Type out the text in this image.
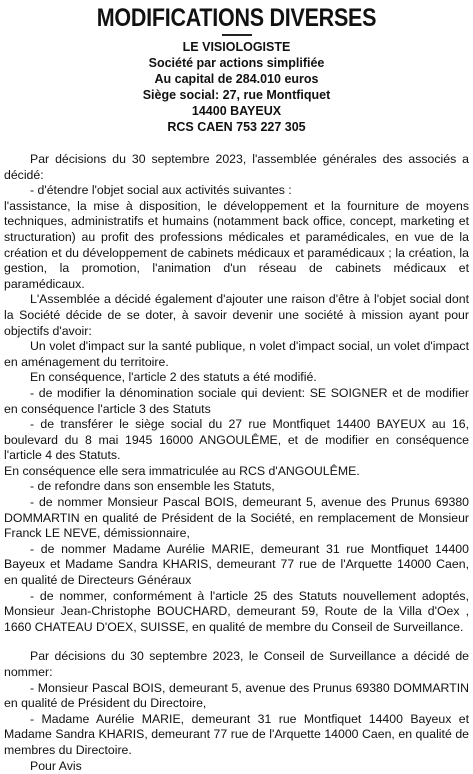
MODIFICATIONS DIVERSES
LE VISIOLOGISTE
Société par actions simplifiée
Au capital de 284.010 euros
Siège social: 27, rue Montfiquet
14400 BAYEUX
RCS CAEN 753 227 305

Par décisions du 30 septembre 2023, l'assemblée générales des associés a décidé:

- d'étendre l'objet social aux activités suivantes :

l'assistance, la mise à disposition, le développement et la fourniture de moyens techniques, administratifs et humains (notamment back office, concept, marketing et structuration) au profit des professions médicales et paramédicales, en vue de la création et du développement de cabinets médicaux et paramédicaux ; la création, la gestion, la promotion, l'animation d'un réseau de cabinets médicaux et paramédicaux.

L'Assemblée a décidé également d'ajouter une raison d'être à l'objet social dont la Société décide de se doter, à savoir devenir une société à mission ayant pour objectifs d'avoir:

Un volet d'impact sur la santé publique, n volet d'impact social, un volet d'impact en aménagement du territoire.

En conséquence, l'article 2 des statuts a été modifié.

- de modifier la dénomination sociale qui devient: SE SOIGNER et de modifier en conséquence l'article 3 des Statuts

- de transférer le siège social du 27 rue Montfiquet 14400 BAYEUX au 16, boulevard du 8 mai 1945 16000 ANGOULÊME, et de modifier en conséquence l'article 4 des Statuts.

En conséquence elle sera immatriculée au RCS d'ANGOULÊME.

- de refondre dans son ensemble les Statuts,

- de nommer Monsieur Pascal BOIS, demeurant 5, avenue des Prunus 69380 DOMMARTIN en qualité de Président de la Société, en remplacement de Monsieur Franck LE NEVE, démissionnaire,

- de nommer Madame Aurélie MARIE, demeurant 31 rue Montfiquet 14400 Bayeux et Madame Sandra KHARIS, demeurant 77 rue de l'Arquette 14000 Caen, en qualité de Directeurs Généraux

- de nommer, conformément à l'article 25 des Statuts nouvellement adoptés, Monsieur Jean-Christophe BOUCHARD, demeurant 59, Route de la Villa d'Oex , 1660 CHATEAU D'OEX, SUISSE, en qualité de membre du Conseil de Surveillance.

Par décisions du 30 septembre 2023, le Conseil de Surveillance a décidé de nommer:

- Monsieur Pascal BOIS, demeurant 5, avenue des Prunus 69380 DOMMARTIN en qualité de Président du Directoire,

- Madame Aurélie MARIE, demeurant 31 rue Montfiquet 14400 Bayeux et Madame Sandra KHARIS, demeurant 77 rue de l'Arquette 14000 Caen, en qualité de membres du Directoire.

Pour Avis
